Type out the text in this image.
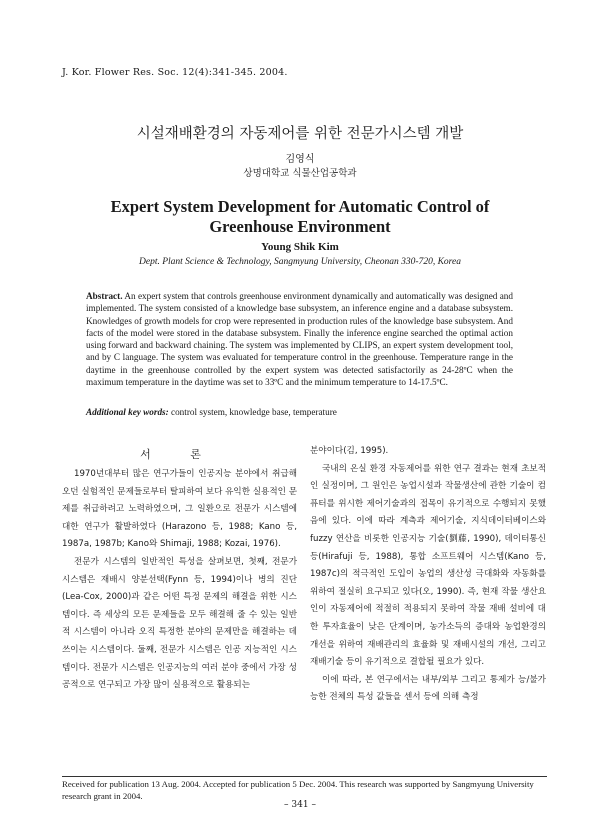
J. Kor. Flower Res. Soc. 12(4):341-345. 2004.
시설재배환경의 자동제어를 위한 전문가시스템 개발
김영식
상명대학교 식물산업공학과
Expert System Development for Automatic Control of
Greenhouse Environment
Young Shik Kim
Dept. Plant Science & Technology, Sangmyung University, Cheonan 330-720, Korea
Abstract. An expert system that controls greenhouse environment dynamically and automatically was designed and implemented. The system consisted of a knowledge base subsystem, an inference engine and a database subsystem. Knowledges of growth models for crop were represented in production rules of the knowledge base subsystem. And facts of the model were stored in the database subsystem. Finally the inference engine searched the optimal action using forward and backward chaining. The system was implemented by CLIPS, an expert system development tool, and by C language. The system was evaluated for temperature control in the greenhouse. Temperature range in the daytime in the greenhouse controlled by the expert system was detected satisfactorily as 24-28ºC when the maximum temperature in the daytime was set to 33ºC and the minimum temperature to 14-17.5ºC.
Additional key words: control system, knowledge base, temperature
서 론

1970년대부터 많은 연구가들이 인공지능 분야에서 취급해오던 실험적인 문제들로부터 탈피하여 보다 유익한 실용적인 문제를 취급하려고 노력하였으며, 그 일환으로 전문가 시스템에 대한 연구가 활발하였다 (Harazono 등, 1988; Kano 등, 1987a, 1987b; Kano와 Shimaji, 1988; Kozai, 1976).

전문가 시스템의 일반적인 특성을 살펴보면, 첫째, 전문가 시스템은 재배시 양분선택(Fynn 등, 1994)이나 병의 진단(Lea-Cox, 2000)과 같은 어떤 특정 문제의 해결을 위한 시스템이다. 즉 세상의 모든 문제들을 모두 해결해 줄 수 있는 일반적 시스템이 아니라 오직 특정한 분야의 문제만을 해결하는 데 쓰이는 시스템이다. 둘째, 전문가 시스템은 인공 지능적인 시스템이다. 전문가 시스템은 인공지능의 여러 분야 중에서 가장 성공적으로 연구되고 가장 많이 실용적으로 활용되는

분야이다(김, 1995).

국내의 온실 환경 자동제어를 위한 연구 결과는 현재 초보적인 실정이며, 그 원인은 농업시설과 작물생산에 관한 기술이 컴퓨터를 위시한 제어기술과의 접목이 유기적으로 수행되지 못했음에 있다. 이에 따라 계측과 제어기술, 지식데이터베이스와 fuzzy 연산을 비롯한 인공지능 기술(劉藤, 1990), 데이터통신 등(Hirafuji 등, 1988), 통합 소프트웨어 시스템(Kano 등, 1987c)의 적극적인 도입이 농업의 생산성 극대화와 자동화를 위하여 절실히 요구되고 있다(오, 1990). 즉, 현재 작물 생산요인이 자동제어에 적절히 적용되지 못하여 작물 재배 설비에 대한 투자효율이 낮은 단계이며, 농가소득의 증대와 농업환경의 개선을 위하여 재배관리의 효율화 및 재배시설의 개선, 그리고 재배기술 등이 유기적으로 결합될 필요가 있다.

이에 따라, 본 연구에서는 내부/외부 그리고 통제가 능/불가능한 전체의 특성 값들을 센서 등에 의해 측정

Received for publication 13 Aug. 2004. Accepted for publication 5 Dec. 2004. This research was supported by Sangmyung University research grant in 2004.
– 341 –
